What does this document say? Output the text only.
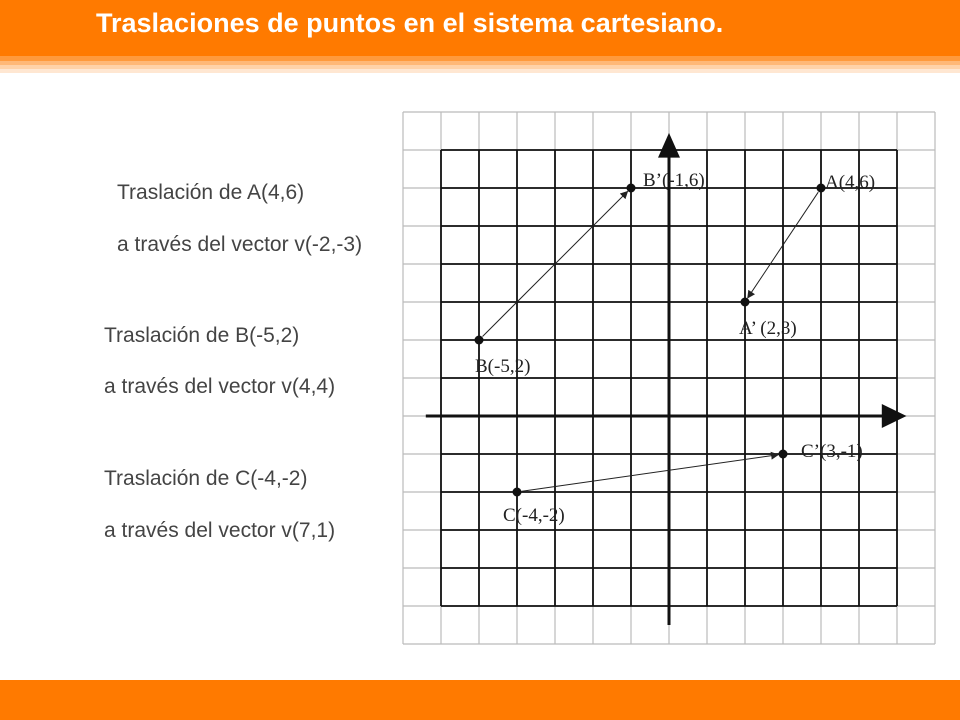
Traslaciones de puntos en el sistema cartesiano.
Traslación de A(4,6)
a través del vector v(-2,-3)
Traslación de B(-5,2)
a través del vector v(4,4)
Traslación de C(-4,-2)
a través del vector v(7,1)
A(4,6)
A’ (2,3)
B(-5,2)
B’(-1,6)
C(-4,-2)
C’(3,-1)
